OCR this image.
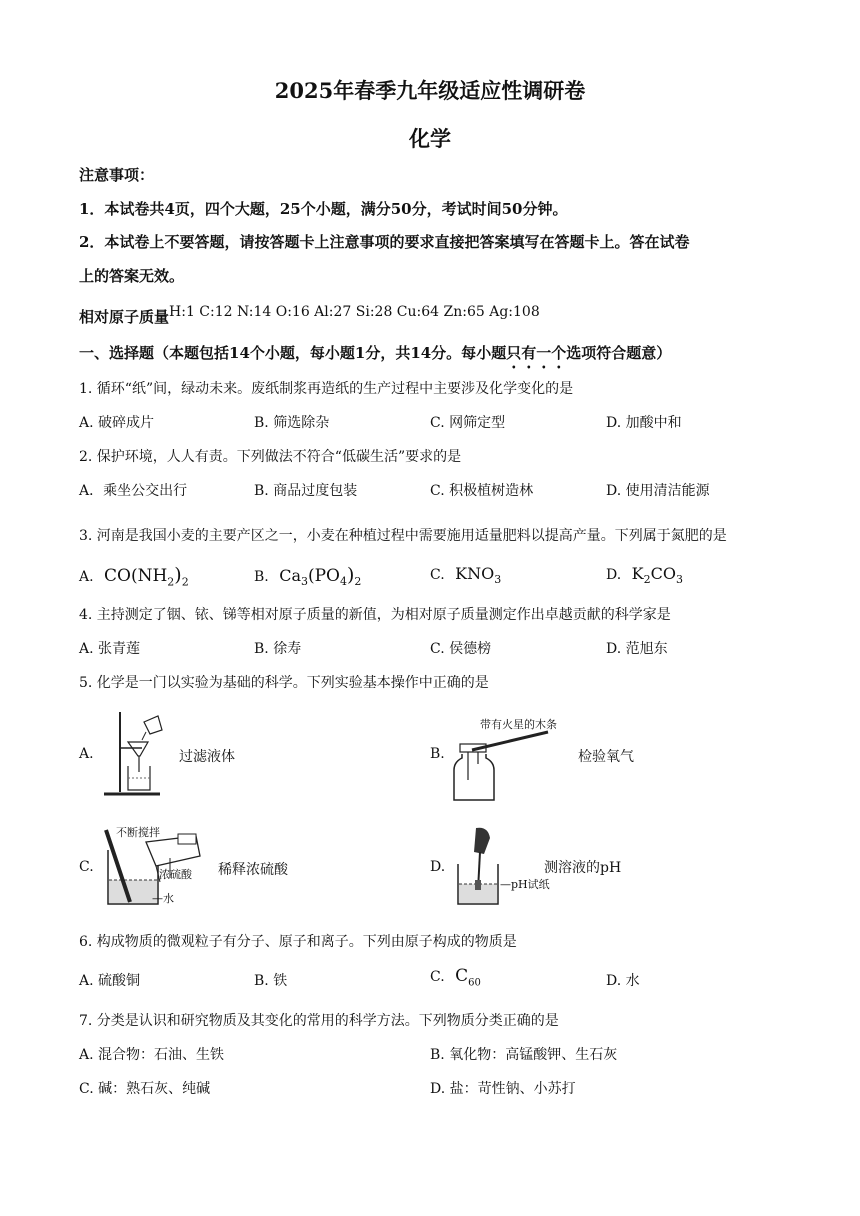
2025年春季九年级适应性调研卷
化学
注意事项：
1．本试卷共4页，四个大题，25个小题，满分50分，考试时间50分钟。
2．本试卷上不要答题，请按答题卡上注意事项的要求直接把答案填写在答题卡上。答在试卷
上的答案无效。
相对原子质量H:1 C:12 N:14 O:16 Al:27 Si:28 Cu:64 Zn:65 Ag:108
一、选择题（本题包括14个小题，每小题1分，共14分。每小题只有一个选项符合题意）
1. 循环“纸”间，绿动未来。废纸制浆再造纸的生产过程中主要涉及化学变化的是
A. 破碎成片	B. 筛选除杂	C. 网筛定型	D. 加酸中和
2. 保护环境，人人有责。下列做法不符合“低碳生活”要求的是
A．乘坐公交出行	B. 商品过度包装	C. 积极植树造林	D. 使用清洁能源
3. 河南是我国小麦的主要产区之一，小麦在种植过程中需要施用适量肥料以提高产量。下列属于氮肥的是
A. $CO(NH_2)_2$	B. $Ca_3(PO_4)_2$	C. $KNO_3$	D. $K_2CO_3$
4. 主持测定了铟、铱、锑等相对原子质量的新值，为相对原子质量测定作出卓越贡献的科学家是
A. 张青莲	B. 徐寿	C. 侯德榜	D. 范旭东
5. 化学是一门以实验为基础的科学。下列实验基本操作中正确的是
A.	过滤液体	B.
带有火星的木条
检验氧气
C.
不断搅拌
浓硫酸
—水
稀释浓硫酸	D.
—pH试纸
测溶液的pH
6. 构成物质的微观粒子有分子、原子和离子。下列由原子构成的物质是
A. 硫酸铜	B. 铁	C. $C_{60}$	D. 水
7. 分类是认识和研究物质及其变化的常用的科学方法。下列物质分类正确的是
A. 混合物：石油、生铁	B. 氧化物：高锰酸钾、生石灰
C. 碱：熟石灰、纯碱	D. 盐：苛性钠、小苏打
